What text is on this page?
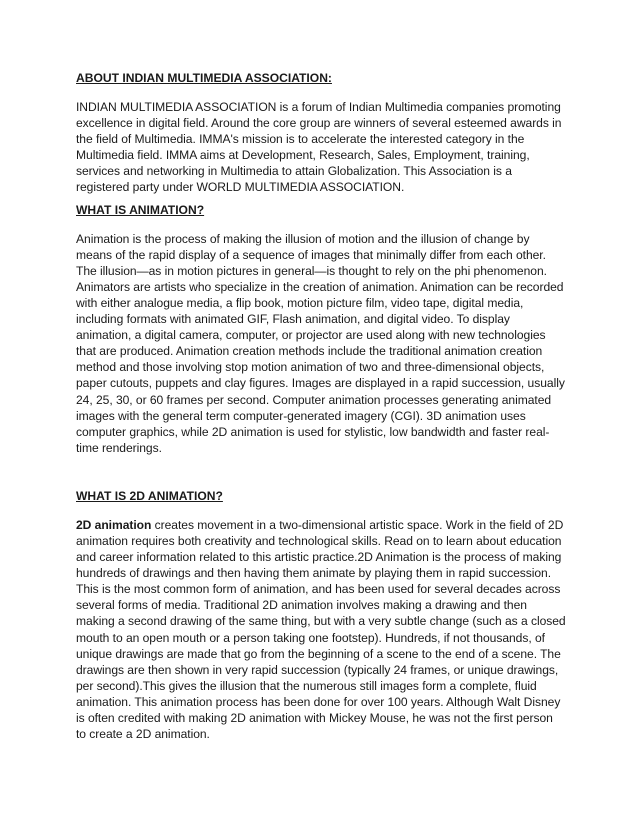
ABOUT INDIAN MULTIMEDIA ASSOCIATION:

INDIAN MULTIMEDIA ASSOCIATION is a forum of Indian Multimedia companies promoting excellence in digital field. Around the core group are winners of several esteemed awards in the field of Multimedia. IMMA's mission is to accelerate the interested category in the Multimedia field. IMMA aims at Development, Research, Sales, Employment, training, services and networking in Multimedia to attain Globalization. This Association is a registered party under WORLD MULTIMEDIA ASSOCIATION.

WHAT IS ANIMATION?

Animation is the process of making the illusion of motion and the illusion of change by means of the rapid display of a sequence of images that minimally differ from each other. The illusion—as in motion pictures in general—is thought to rely on the phi phenomenon. Animators are artists who specialize in the creation of animation. Animation can be recorded with either analogue media, a flip book, motion picture film, video tape, digital media, including formats with animated GIF, Flash animation, and digital video. To display animation, a digital camera, computer, or projector are used along with new technologies that are produced. Animation creation methods include the traditional animation creation method and those involving stop motion animation of two and three-dimensional objects, paper cutouts, puppets and clay figures. Images are displayed in a rapid succession, usually 24, 25, 30, or 60 frames per second. Computer animation processes generating animated images with the general term computer-generated imagery (CGI). 3D animation uses computer graphics, while 2D animation is used for stylistic, low bandwidth and faster real-time renderings.

WHAT IS 2D ANIMATION?

2D animation creates movement in a two-dimensional artistic space. Work in the field of 2D animation requires both creativity and technological skills. Read on to learn about education and career information related to this artistic practice.2D Animation is the process of making hundreds of drawings and then having them animate by playing them in rapid succession. This is the most common form of animation, and has been used for several decades across several forms of media. Traditional 2D animation involves making a drawing and then making a second drawing of the same thing, but with a very subtle change (such as a closed mouth to an open mouth or a person taking one footstep). Hundreds, if not thousands, of unique drawings are made that go from the beginning of a scene to the end of a scene. The drawings are then shown in very rapid succession (typically 24 frames, or unique drawings, per second).This gives the illusion that the numerous still images form a complete, fluid animation. This animation process has been done for over 100 years. Although Walt Disney is often credited with making 2D animation with Mickey Mouse, he was not the first person to create a 2D animation.
